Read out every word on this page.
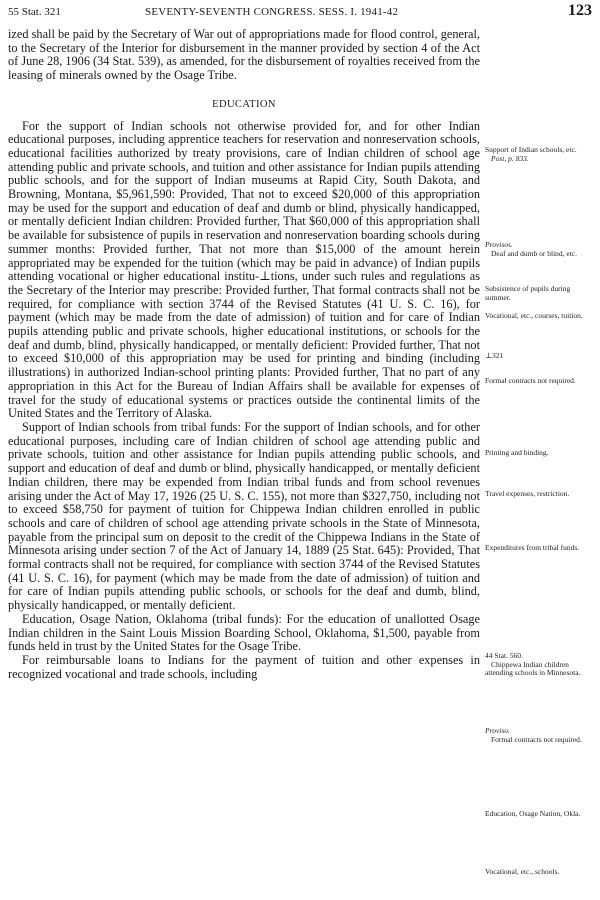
55 Stat. 321	SEVENTY-SEVENTH CONGRESS. SESS. I. 1941-42	123

ized shall be paid by the Secretary of War out of appropriations made for flood control, general, to the Secretary of the Interior for disbursement in the manner provided by section 4 of the Act of June 28, 1906 (34 Stat. 539), as amended, for the disbursement of royalties received from the leasing of minerals owned by the Osage Tribe.

EDUCATION

For the support of Indian schools not otherwise provided for, and for other Indian educational purposes, including apprentice teachers for reservation and nonreservation schools, educational facilities authorized by treaty provisions, care of Indian children of school age attending public and private schools, and tuition and other assistance for Indian pupils attending public schools, and for the support of Indian museums at Rapid City, South Dakota, and Browning, Montana, $5,961,590: Provided, That not to exceed $20,000 of this appropriation may be used for the support and education of deaf and dumb or blind, physically handicapped, or mentally deficient Indian children: Provided further, That $60,000 of this appropriation shall be available for subsistence of pupils in reservation and nonreservation boarding schools during summer months: Provided further, That not more than $15,000 of the amount herein appropriated may be expended for the tuition (which may be paid in advance) of Indian pupils attending vocational or higher educational institu-⊥tions, under such rules and regulations as the Secretary of the Interior may prescribe: Provided further, That formal contracts shall not be required, for compliance with section 3744 of the Revised Statutes (41 U. S. C. 16), for payment (which may be made from the date of admission) of tuition and for care of Indian pupils attending public and private schools, higher educational institutions, or schools for the deaf and dumb, blind, physically handicapped, or mentally deficient: Provided further, That not to exceed $10,000 of this appropriation may be used for printing and binding (including illustrations) in authorized Indian-school printing plants: Provided further, That no part of any appropriation in this Act for the Bureau of Indian Affairs shall be available for expenses of travel for the study of educational systems or practices outside the continental limits of the United States and the Territory of Alaska.

Support of Indian schools from tribal funds: For the support of Indian schools, and for other educational purposes, including care of Indian children of school age attending public and private schools, tuition and other assistance for Indian pupils attending public schools, and support and education of deaf and dumb or blind, physically handicapped, or mentally deficient Indian children, there may be expended from Indian tribal funds and from school revenues arising under the Act of May 17, 1926 (25 U. S. C. 155), not more than $327,750, including not to exceed $58,750 for payment of tuition for Chippewa Indian children enrolled in public schools and care of children of school age attending private schools in the State of Minnesota, payable from the principal sum on deposit to the credit of the Chippewa Indians in the State of Minnesota arising under section 7 of the Act of January 14, 1889 (25 Stat. 645): Provided, That formal contracts shall not be required, for compliance with section 3744 of the Revised Statutes (41 U. S. C. 16), for payment (which may be made from the date of admission) of tuition and for care of Indian pupils attending public schools, or schools for the deaf and dumb, blind, physically handicapped, or mentally deficient.

Education, Osage Nation, Oklahoma (tribal funds): For the education of unallotted Osage Indian children in the Saint Louis Mission Boarding School, Oklahoma, $1,500, payable from funds held in trust by the United States for the Osage Tribe.

For reimbursable loans to Indians for the payment of tuition and other expenses in recognized vocational and trade schools, including

Support of Indian schools, etc.
Post, p. 833.
Provisos.
Deaf and dumb or blind, etc.
Subsistence of pupils during summer.
Vocational, etc., courses, tuition.
⊥321
Formal contracts not required.
Printing and binding.
Travel expenses, restriction.
Expenditures from tribal funds.
44 Stat. 560.
Chippewa Indian children attending schools in Minnesota.
Proviso.
Formal contracts not required.
Education, Osage Nation, Okla.
Vocational, etc., schools.
